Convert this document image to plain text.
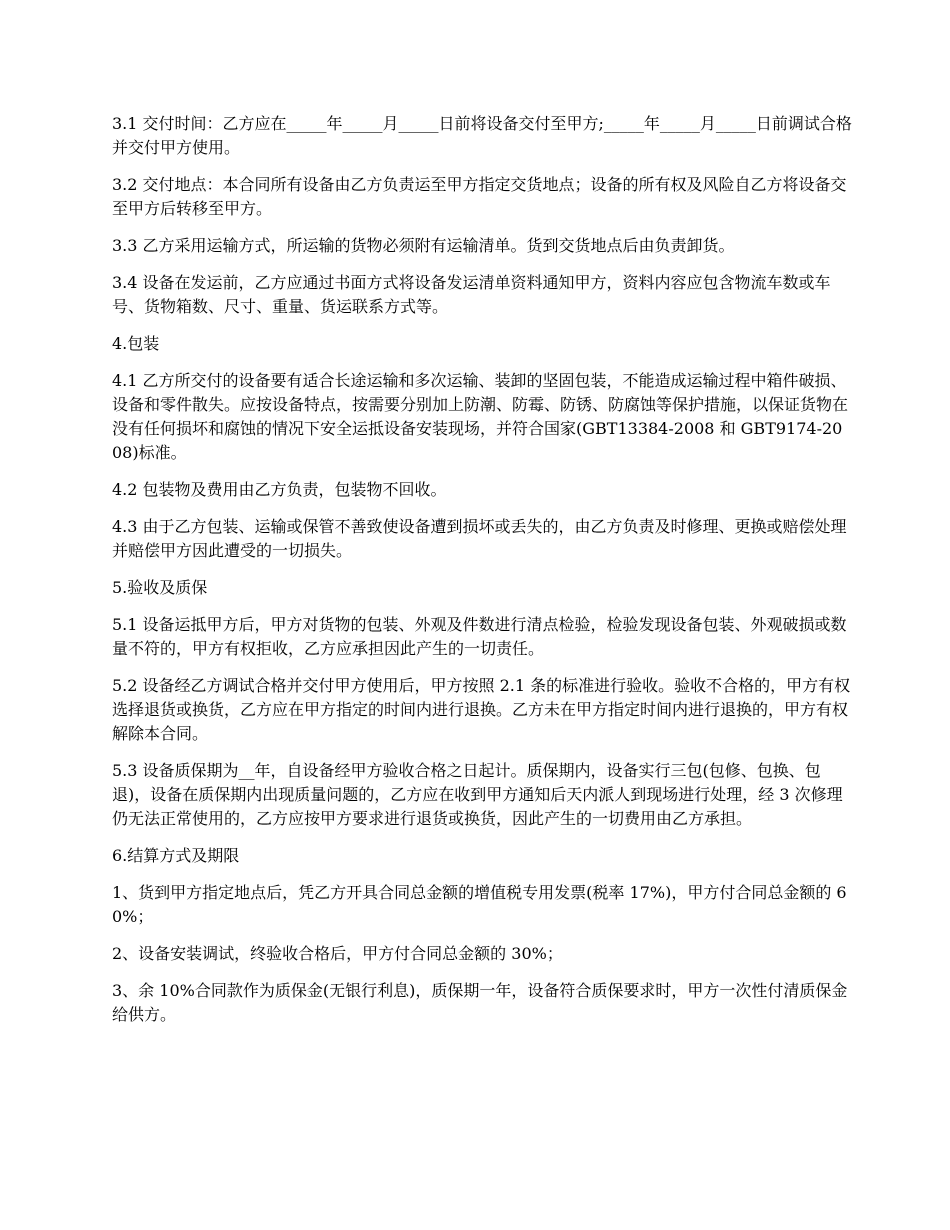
3.1 交付时间：乙方应在_____年_____月_____日前将设备交付至甲方;_____年_____月_____日前调试合格并交付甲方使用。

3.2 交付地点：本合同所有设备由乙方负责运至甲方指定交货地点；设备的所有权及风险自乙方将设备交至甲方后转移至甲方。

3.3 乙方采用运输方式，所运输的货物必须附有运输清单。货到交货地点后由负责卸货。

3.4 设备在发运前，乙方应通过书面方式将设备发运清单资料通知甲方，资料内容应包含物流车数或车号、货物箱数、尺寸、重量、货运联系方式等。

4.包装

4.1 乙方所交付的设备要有适合长途运输和多次运输、装卸的坚固包装，不能造成运输过程中箱件破损、设备和零件散失。应按设备特点，按需要分别加上防潮、防霉、防锈、防腐蚀等保护措施，以保证货物在没有任何损坏和腐蚀的情况下安全运抵设备安装现场，并符合国家(GBT13384-2008 和 GBT9174-2008)标准。

4.2 包装物及费用由乙方负责，包装物不回收。

4.3 由于乙方包装、运输或保管不善致使设备遭到损坏或丢失的，由乙方负责及时修理、更换或赔偿处理并赔偿甲方因此遭受的一切损失。

5.验收及质保

5.1 设备运抵甲方后，甲方对货物的包装、外观及件数进行清点检验，检验发现设备包装、外观破损或数量不符的，甲方有权拒收，乙方应承担因此产生的一切责任。

5.2 设备经乙方调试合格并交付甲方使用后，甲方按照 2.1 条的标准进行验收。验收不合格的，甲方有权选择退货或换货，乙方应在甲方指定的时间内进行退换。乙方未在甲方指定时间内进行退换的，甲方有权解除本合同。

5.3 设备质保期为__年，自设备经甲方验收合格之日起计。质保期内，设备实行三包(包修、包换、包退)，设备在质保期内出现质量问题的，乙方应在收到甲方通知后天内派人到现场进行处理，经 3 次修理仍无法正常使用的，乙方应按甲方要求进行退货或换货，因此产生的一切费用由乙方承担。

6.结算方式及期限

1、货到甲方指定地点后，凭乙方开具合同总金额的增值税专用发票(税率 17%)，甲方付合同总金额的 60%；

2、设备安装调试，终验收合格后，甲方付合同总金额的 30%；

3、余 10%合同款作为质保金(无银行利息)，质保期一年，设备符合质保要求时，甲方一次性付清质保金给供方。
